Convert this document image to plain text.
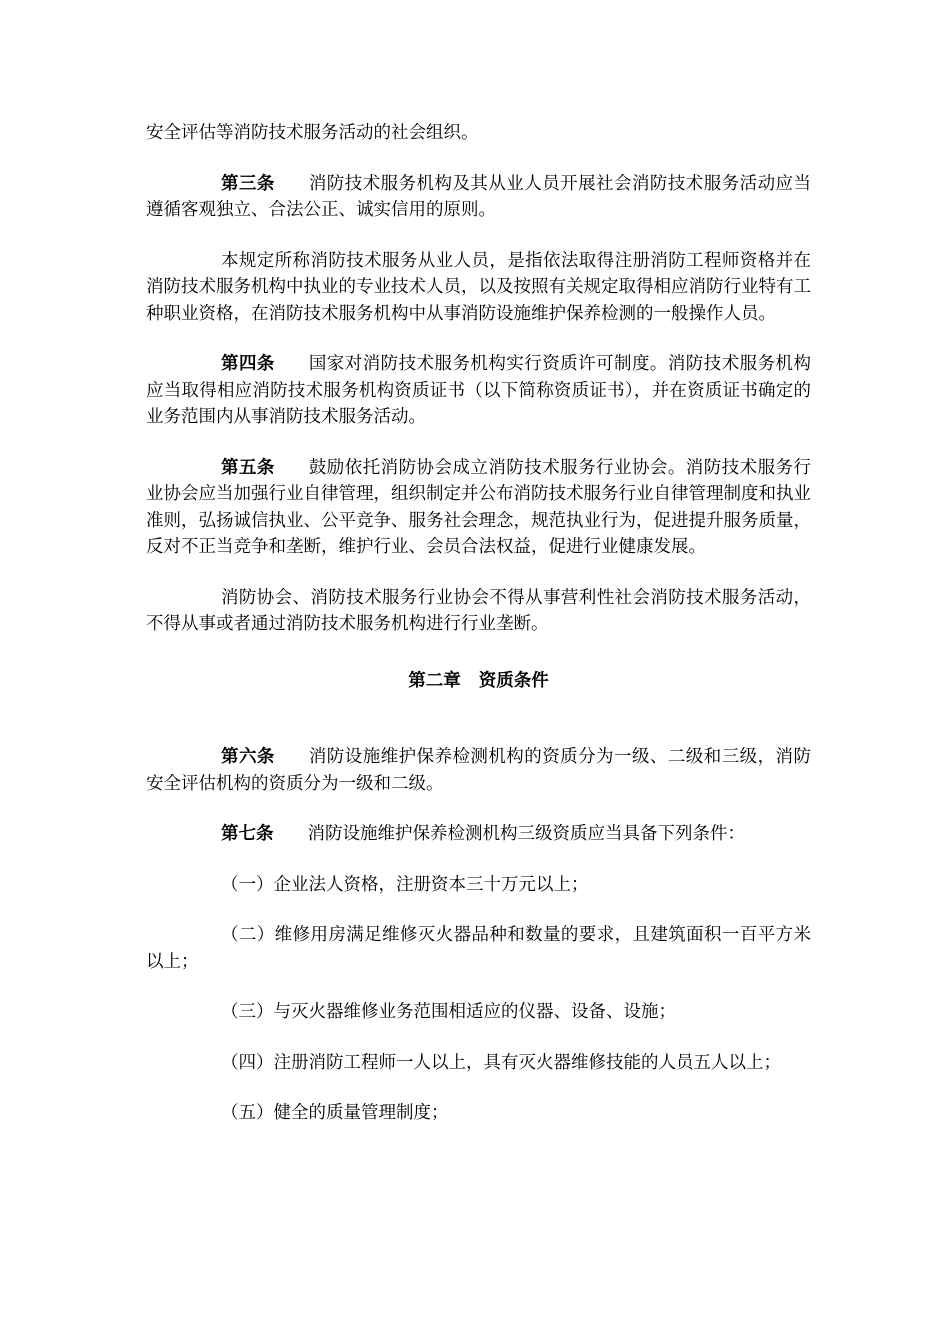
安全评估等消防技术服务活动的社会组织。

第三条 消防技术服务机构及其从业人员开展社会消防技术服务活动应当遵循客观独立、合法公正、诚实信用的原则。

本规定所称消防技术服务从业人员，是指依法取得注册消防工程师资格并在消防技术服务机构中执业的专业技术人员，以及按照有关规定取得相应消防行业特有工种职业资格，在消防技术服务机构中从事消防设施维护保养检测的一般操作人员。

第四条 国家对消防技术服务机构实行资质许可制度。消防技术服务机构应当取得相应消防技术服务机构资质证书（以下简称资质证书），并在资质证书确定的业务范围内从事消防技术服务活动。

第五条 鼓励依托消防协会成立消防技术服务行业协会。消防技术服务行业协会应当加强行业自律管理，组织制定并公布消防技术服务行业自律管理制度和执业准则，弘扬诚信执业、公平竞争、服务社会理念，规范执业行为，促进提升服务质量，反对不正当竞争和垄断，维护行业、会员合法权益，促进行业健康发展。

消防协会、消防技术服务行业协会不得从事营利性社会消防技术服务活动，不得从事或者通过消防技术服务机构进行行业垄断。

第二章 资质条件

第六条 消防设施维护保养检测机构的资质分为一级、二级和三级，消防安全评估机构的资质分为一级和二级。

第七条 消防设施维护保养检测机构三级资质应当具备下列条件：

（一）企业法人资格，注册资本三十万元以上；

（二）维修用房满足维修灭火器品种和数量的要求，且建筑面积一百平方米以上；

（三）与灭火器维修业务范围相适应的仪器、设备、设施；

（四）注册消防工程师一人以上，具有灭火器维修技能的人员五人以上；

（五）健全的质量管理制度；
